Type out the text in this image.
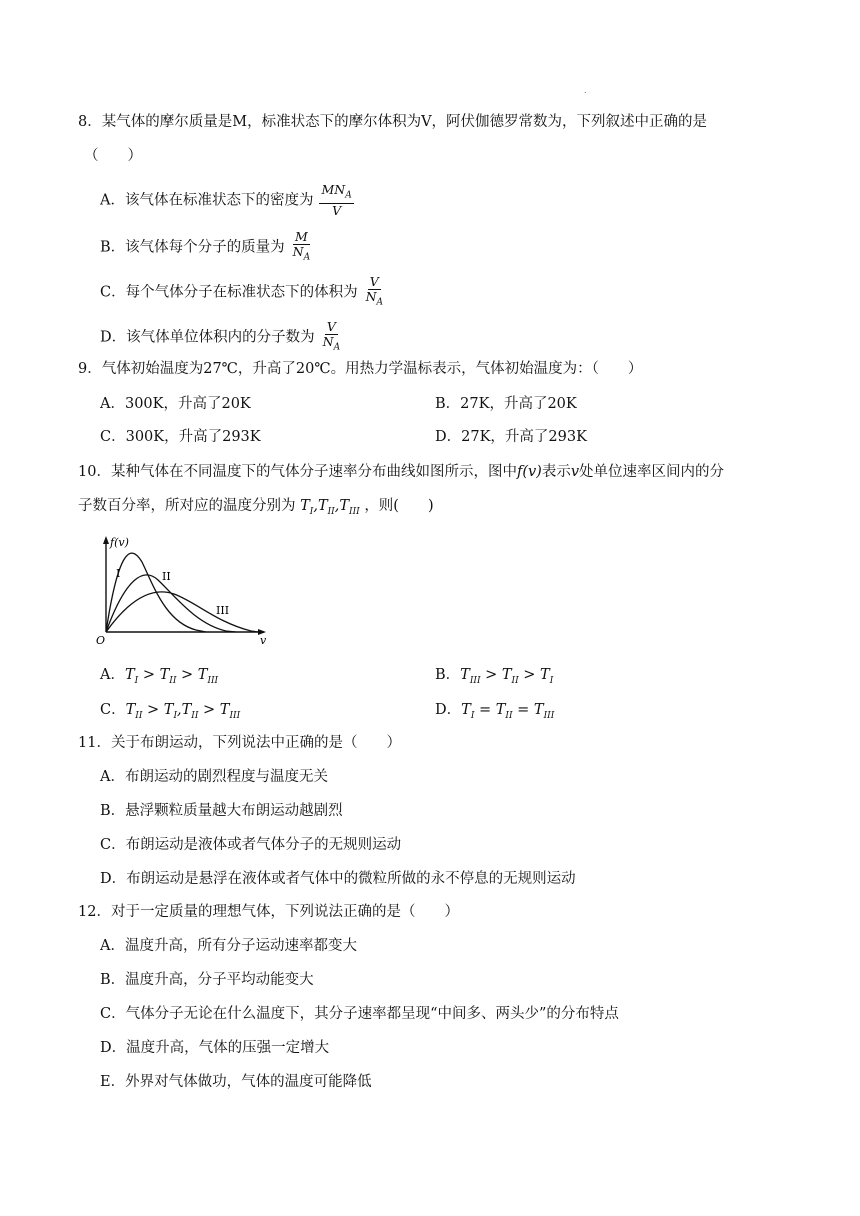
.
8．某气体的摩尔质量是M，标准状态下的摩尔体积为V，阿伏伽德罗常数为，下列叙述中正确的是
（　　）
A．该气体在标准状态下的密度为 $\frac{MN_A}{V}$
B．该气体每个分子的质量为 $\frac{M}{N_A}$
C．每个气体分子在标准状态下的体积为 $\frac{V}{N_A}$
D．该气体单位体积内的分子数为 $\frac{V}{N_A}$
9．气体初始温度为27℃，升高了20℃。用热力学温标表示，气体初始温度为：（　　）
A．300K，升高了20K	B．27K，升高了20K
C．300K，升高了293K	D．27K，升高了293K
10．某种气体在不同温度下的气体分子速率分布曲线如图所示，图中f(v)表示v处单位速率区间内的分
子数百分率，所对应的温度分别为 $T_I,T_{II},T_{III}$ ，则(　　)
f(v)
v
O
I	II
III
A．$T_I > T_{II} > T_{III}$	B．$T_{III} > T_{II} > T_I$
C．$T_{II} > T_I,T_{II} > T_{III}$	D．$T_I = T_{II} = T_{III}$
11．关于布朗运动，下列说法中正确的是（　　）
A．布朗运动的剧烈程度与温度无关
B．悬浮颗粒质量越大布朗运动越剧烈
C．布朗运动是液体或者气体分子的无规则运动
D．布朗运动是悬浮在液体或者气体中的微粒所做的永不停息的无规则运动
12．对于一定质量的理想气体，下列说法正确的是（　　）
A．温度升高，所有分子运动速率都变大
B．温度升高，分子平均动能变大
C．气体分子无论在什么温度下，其分子速率都呈现“中间多、两头少”的分布特点
D．温度升高，气体的压强一定增大
E．外界对气体做功，气体的温度可能降低
